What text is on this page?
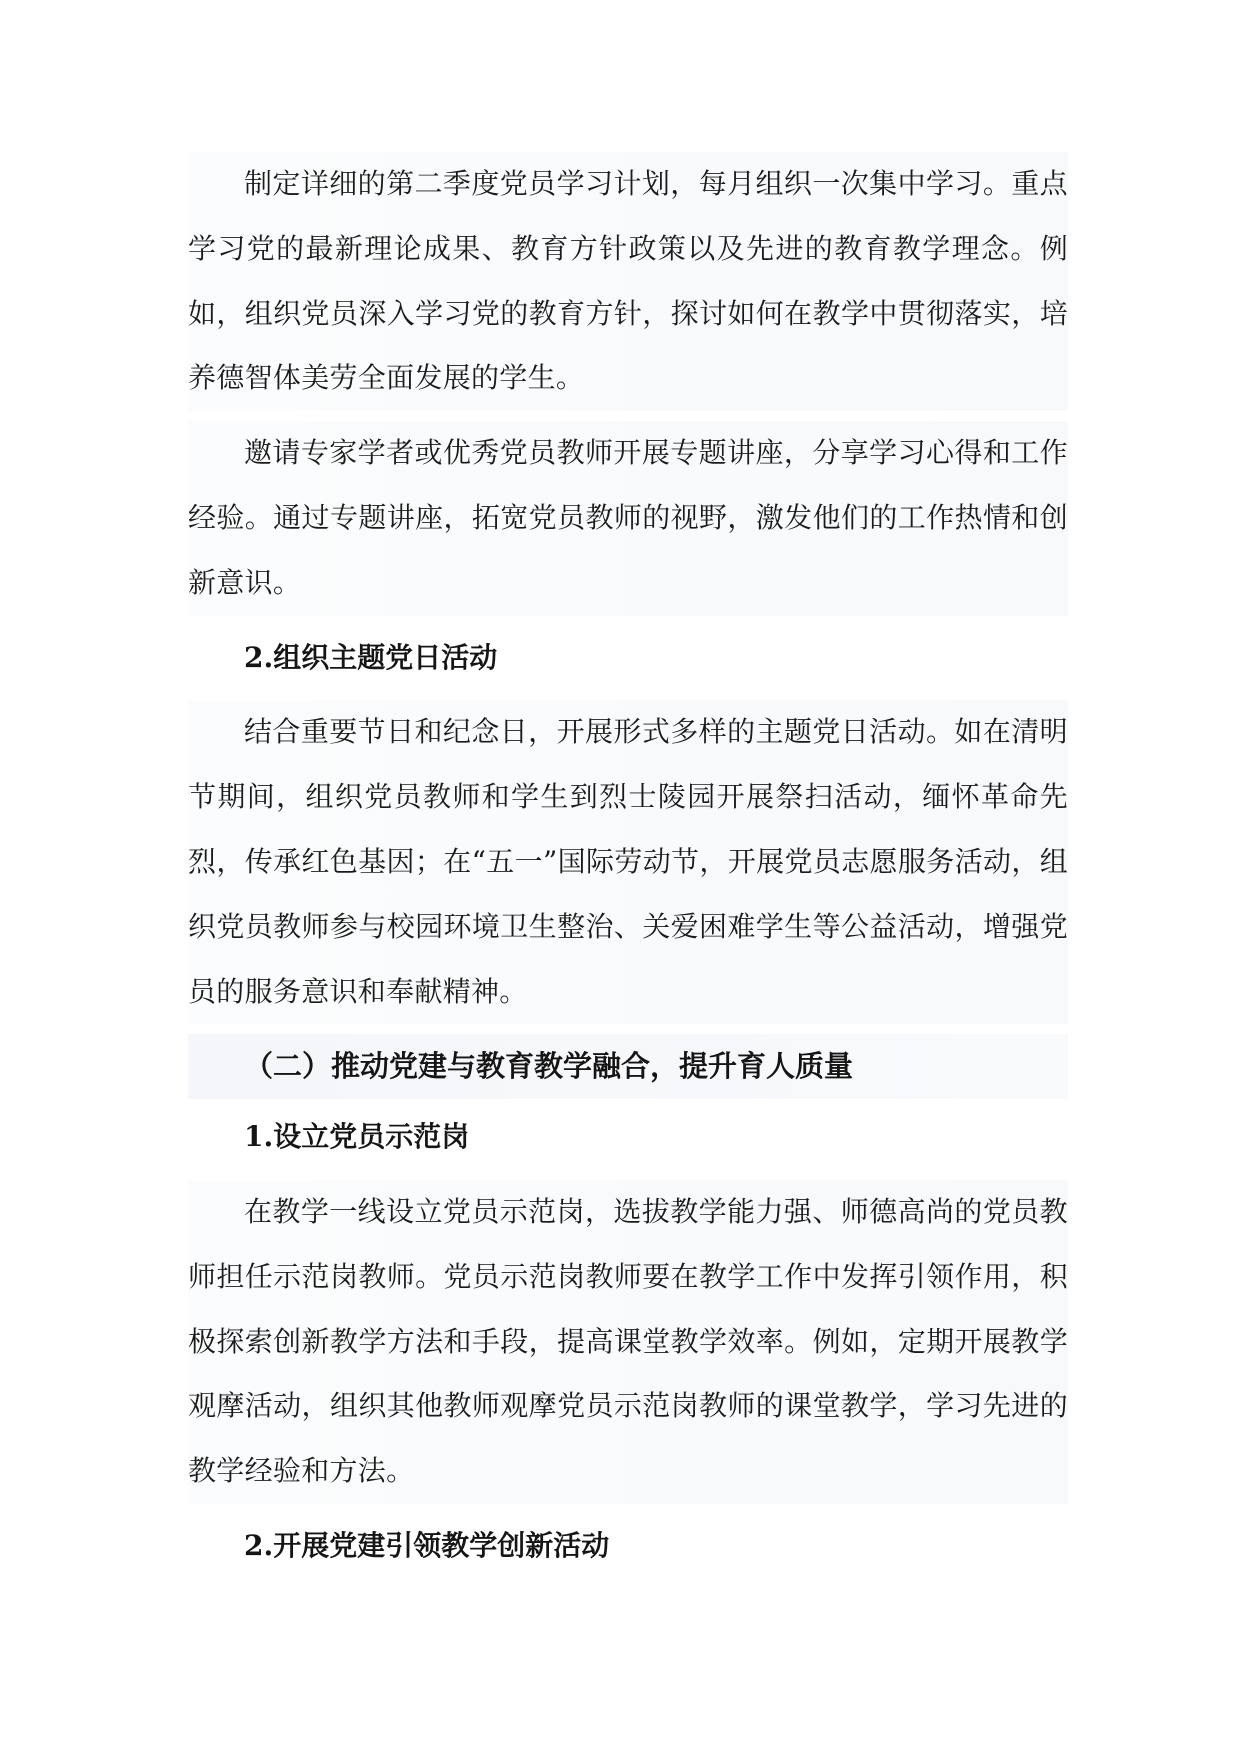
制定详细的第二季度党员学习计划，每月组织一次集中学习。重点学习党的最新理论成果、教育方针政策以及先进的教育教学理念。例如，组织党员深入学习党的教育方针，探讨如何在教学中贯彻落实，培养德智体美劳全面发展的学生。

邀请专家学者或优秀党员教师开展专题讲座，分享学习心得和工作经验。通过专题讲座，拓宽党员教师的视野，激发他们的工作热情和创新意识。

2.组织主题党日活动

结合重要节日和纪念日，开展形式多样的主题党日活动。如在清明节期间，组织党员教师和学生到烈士陵园开展祭扫活动，缅怀革命先烈，传承红色基因；在“五一”国际劳动节，开展党员志愿服务活动，组织党员教师参与校园环境卫生整治、关爱困难学生等公益活动，增强党员的服务意识和奉献精神。

（二）推动党建与教育教学融合，提升育人质量

1.设立党员示范岗

在教学一线设立党员示范岗，选拔教学能力强、师德高尚的党员教师担任示范岗教师。党员示范岗教师要在教学工作中发挥引领作用，积极探索创新教学方法和手段，提高课堂教学效率。例如，定期开展教学观摩活动，组织其他教师观摩党员示范岗教师的课堂教学，学习先进的教学经验和方法。

2.开展党建引领教学创新活动
